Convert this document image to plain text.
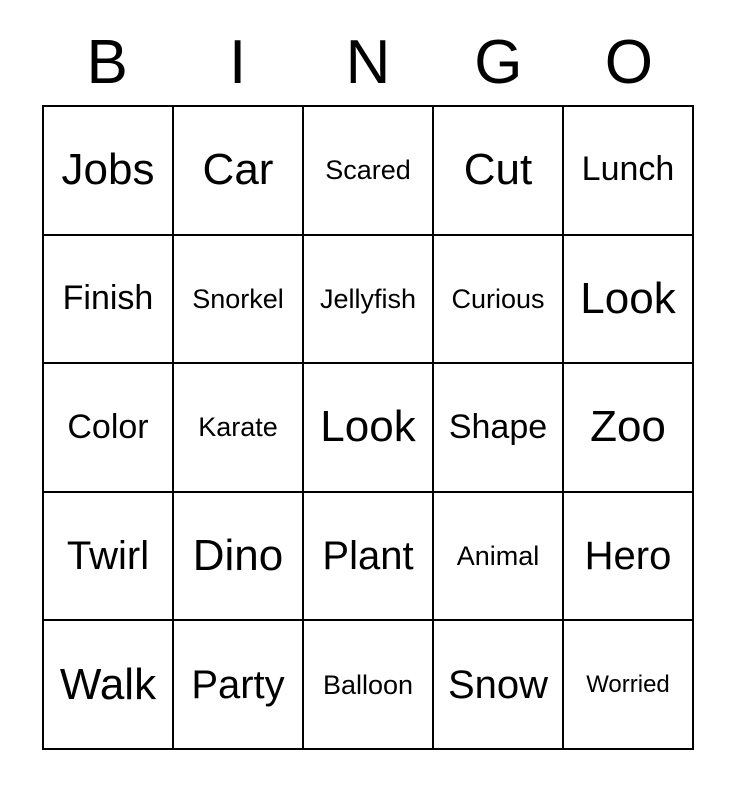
B	I	N	G	O
Jobs Car Scared Cut Lunch
Finish Snorkel Jellyfish Curious Look
Color Karate Look Shape Zoo
Twirl Dino Plant Animal Hero
Walk Party Balloon Snow Worried
